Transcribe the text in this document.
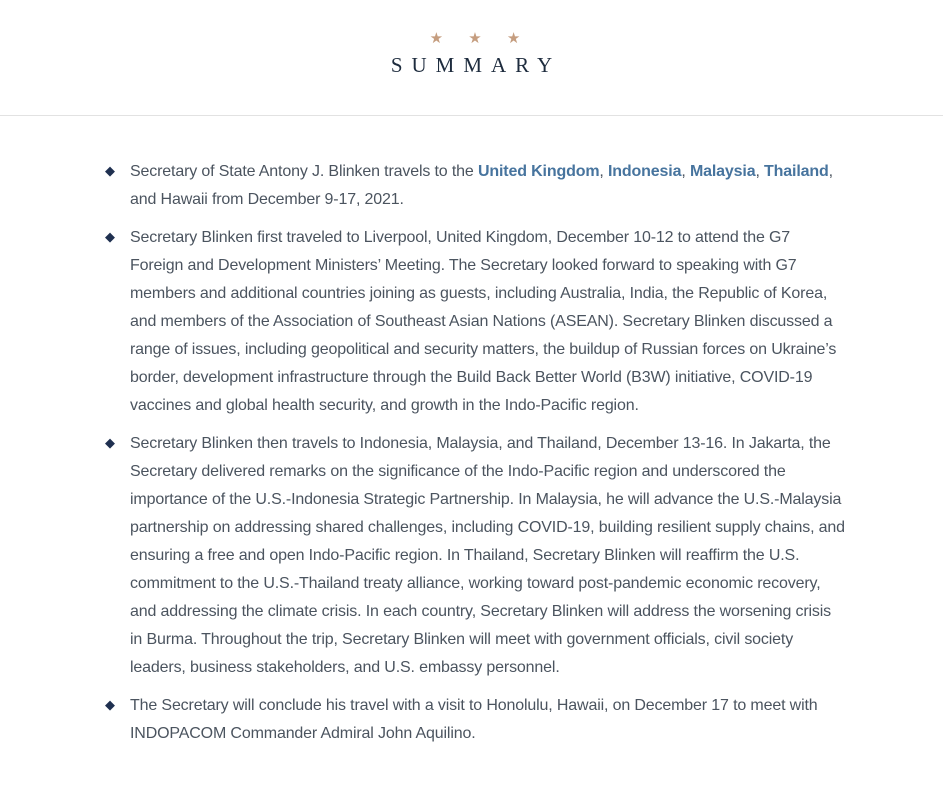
★ ★ ★
SUMMARY
◆ Secretary of State Antony J. Blinken travels to the United Kingdom, Indonesia, Malaysia, Thailand, and Hawaii from December 9-17, 2021.
◆ Secretary Blinken first traveled to Liverpool, United Kingdom, December 10-12 to attend the G7 Foreign and Development Ministers’ Meeting. The Secretary looked forward to speaking with G7 members and additional countries joining as guests, including Australia, India, the Republic of Korea, and members of the Association of Southeast Asian Nations (ASEAN). Secretary Blinken discussed a range of issues, including geopolitical and security matters, the buildup of Russian forces on Ukraine’s border, development infrastructure through the Build Back Better World (B3W) initiative, COVID-19 vaccines and global health security, and growth in the Indo-Pacific region.
◆ Secretary Blinken then travels to Indonesia, Malaysia, and Thailand, December 13-16. In Jakarta, the Secretary delivered remarks on the significance of the Indo-Pacific region and underscored the importance of the U.S.-Indonesia Strategic Partnership. In Malaysia, he will advance the U.S.-Malaysia partnership on addressing shared challenges, including COVID-19, building resilient supply chains, and ensuring a free and open Indo-Pacific region. In Thailand, Secretary Blinken will reaffirm the U.S. commitment to the U.S.-Thailand treaty alliance, working toward post-pandemic economic recovery, and addressing the climate crisis. In each country, Secretary Blinken will address the worsening crisis in Burma. Throughout the trip, Secretary Blinken will meet with government officials, civil society leaders, business stakeholders, and U.S. embassy personnel.
◆ The Secretary will conclude his travel with a visit to Honolulu, Hawaii, on December 17 to meet with INDOPACOM Commander Admiral John Aquilino.
